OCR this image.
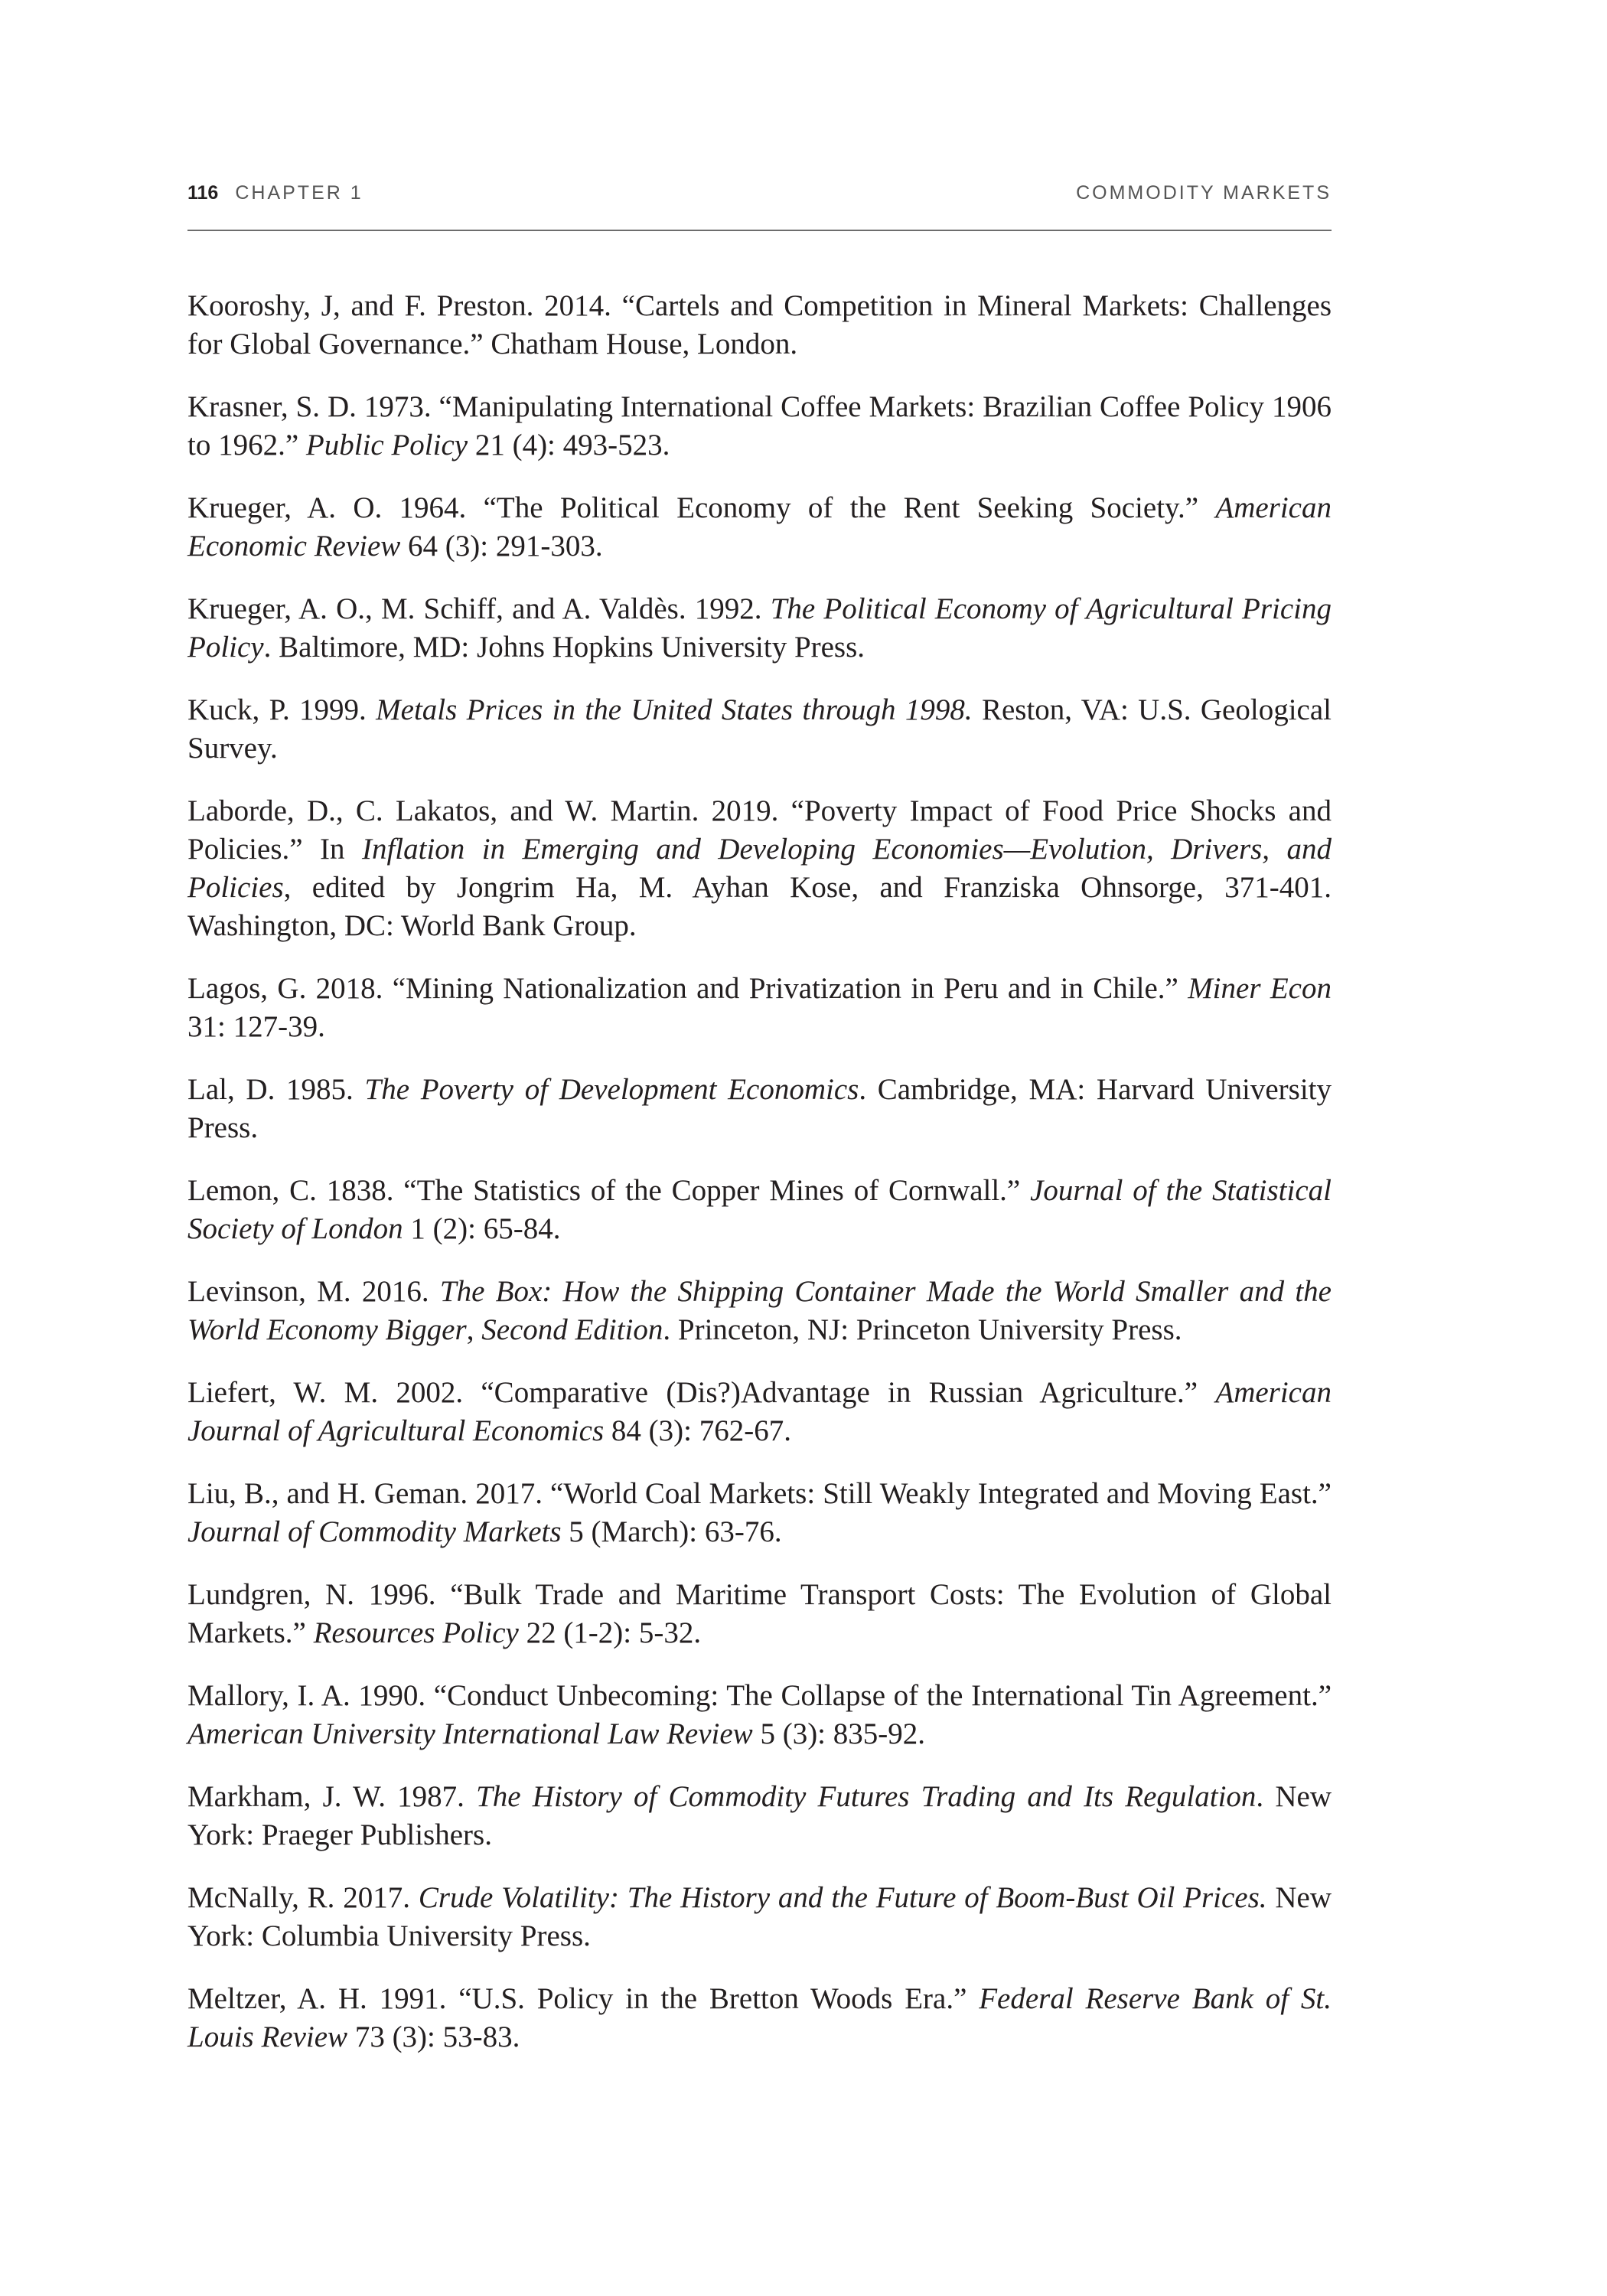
116 CHAPTER 1	COMMODITY MARKETS

Kooroshy, J, and F. Preston. 2014. “Cartels and Competition in Mineral Markets: Challenges for Global Governance.” Chatham House, London.

Krasner, S. D. 1973. “Manipulating International Coffee Markets: Brazilian Coffee Policy 1906 to 1962.” Public Policy 21 (4): 493-523.

Krueger, A. O. 1964. “The Political Economy of the Rent Seeking Society.” American Economic Review 64 (3): 291-303.

Krueger, A. O., M. Schiff, and A. Valdès. 1992. The Political Economy of Agricultural Pricing Policy. Baltimore, MD: Johns Hopkins University Press.

Kuck, P. 1999. Metals Prices in the United States through 1998. Reston, VA: U.S. Geological Survey.

Laborde, D., C. Lakatos, and W. Martin. 2019. “Poverty Impact of Food Price Shocks and Policies.” In Inflation in Emerging and Developing Economies—Evolution, Drivers, and Policies, edited by Jongrim Ha, M. Ayhan Kose, and Franziska Ohnsorge, 371-401. Washington, DC: World Bank Group.

Lagos, G. 2018. “Mining Nationalization and Privatization in Peru and in Chile.” Miner Econ 31: 127-39.

Lal, D. 1985. The Poverty of Development Economics. Cambridge, MA: Harvard University Press.

Lemon, C. 1838. “The Statistics of the Copper Mines of Cornwall.” Journal of the Statistical Society of London 1 (2): 65-84.

Levinson, M. 2016. The Box: How the Shipping Container Made the World Smaller and the World Economy Bigger, Second Edition. Princeton, NJ: Princeton University Press.

Liefert, W. M. 2002. “Comparative (Dis?)Advantage in Russian Agriculture.” American Journal of Agricultural Economics 84 (3): 762-67.

Liu, B., and H. Geman. 2017. “World Coal Markets: Still Weakly Integrated and Moving East.” Journal of Commodity Markets 5 (March): 63-76.

Lundgren, N. 1996. “Bulk Trade and Maritime Transport Costs: The Evolution of Global Markets.” Resources Policy 22 (1-2): 5-32.

Mallory, I. A. 1990. “Conduct Unbecoming: The Collapse of the International Tin Agreement.” American University International Law Review 5 (3): 835-92.

Markham, J. W. 1987. The History of Commodity Futures Trading and Its Regulation. New York: Praeger Publishers.

McNally, R. 2017. Crude Volatility: The History and the Future of Boom-Bust Oil Prices. New York: Columbia University Press.

Meltzer, A. H. 1991. “U.S. Policy in the Bretton Woods Era.” Federal Reserve Bank of St. Louis Review 73 (3): 53-83.
